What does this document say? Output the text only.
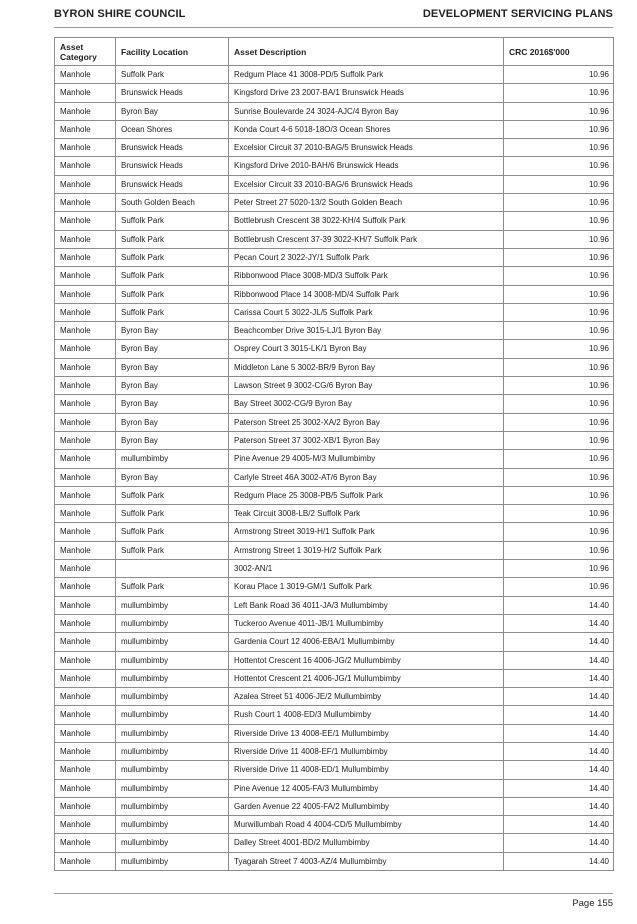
BYRON SHIRE COUNCIL	DEVELOPMENT SERVICING PLANS
Asset
Category	Facility Location	Asset Description	CRC 2016$'000
Manhole	Suffolk Park	Redgum Place 41 3008-PD/5 Suffolk Park	10.96
Manhole	Brunswick Heads	Kingsford Drive 23 2007-BA/1 Brunswick Heads	10.96
Manhole	Byron Bay	Sunrise Boulevarde 24 3024-AJC/4 Byron Bay	10.96
Manhole	Ocean Shores	Konda Court 4-6 5018-18O/3 Ocean Shores	10.96
Manhole	Brunswick Heads	Excelsior Circuit 37 2010-BAG/5 Brunswick Heads	10.96
Manhole	Brunswick Heads	Kingsford Drive 2010-BAH/6 Brunswick Heads	10.96
Manhole	Brunswick Heads	Excelsior Circuit 33 2010-BAG/6 Brunswick Heads	10.96
Manhole	South Golden Beach	Peter Street 27 5020-13/2 South Golden Beach	10.96
Manhole	Suffolk Park	Bottlebrush Crescent 38 3022-KH/4 Suffolk Park	10.96
Manhole	Suffolk Park	Bottlebrush Crescent 37-39 3022-KH/7 Suffolk Park	10.96
Manhole	Suffolk Park	Pecan Court 2 3022-JY/1 Suffolk Park	10.96
Manhole	Suffolk Park	Ribbonwood Place 3008-MD/3 Suffolk Park	10.96
Manhole	Suffolk Park	Ribbonwood Place 14 3008-MD/4 Suffolk Park	10.96
Manhole	Suffolk Park	Carissa Court 5 3022-JL/5 Suffolk Park	10.96
Manhole	Byron Bay	Beachcomber Drive 3015-LJ/1 Byron Bay	10.96
Manhole	Byron Bay	Osprey Court 3 3015-LK/1 Byron Bay	10.96
Manhole	Byron Bay	Middleton Lane 5 3002-BR/9 Byron Bay	10.96
Manhole	Byron Bay	Lawson Street 9 3002-CG/6 Byron Bay	10.96
Manhole	Byron Bay	Bay Street 3002-CG/9 Byron Bay	10.96
Manhole	Byron Bay	Paterson Street 25 3002-XA/2 Byron Bay	10.96
Manhole	Byron Bay	Paterson Street 37 3002-XB/1 Byron Bay	10.96
Manhole	mullumbimby	Pine Avenue 29 4005-M/3 Mullumbimby	10.96
Manhole	Byron Bay	Carlyle Street 46A 3002-AT/6 Byron Bay	10.96
Manhole	Suffolk Park	Redgum Place 25 3008-PB/5 Suffolk Park	10.96
Manhole	Suffolk Park	Teak Circuit 3008-LB/2 Suffolk Park	10.96
Manhole	Suffolk Park	Armstrong Street 3019-H/1 Suffolk Park	10.96
Manhole	Suffolk Park	Armstrong Street 1 3019-H/2 Suffolk Park	10.96
Manhole		3002-AN/1	10.96
Manhole	Suffolk Park	Korau Place 1 3019-GM/1 Suffolk Park	10.96
Manhole	mullumbimby	Left Bank Road 36 4011-JA/3 Mullumbimby	14.40
Manhole	mullumbimby	Tuckeroo Avenue 4011-JB/1 Mullumbimby	14.40
Manhole	mullumbimby	Gardenia Court 12 4006-EBA/1 Mullumbimby	14.40
Manhole	mullumbimby	Hottentot Crescent 16 4006-JG/2 Mullumbimby	14.40
Manhole	mullumbimby	Hottentot Crescent 21 4006-JG/1 Mullumbimby	14.40
Manhole	mullumbimby	Azalea Street 51 4006-JE/2 Mullumbimby	14.40
Manhole	mullumbimby	Rush Court 1 4008-ED/3 Mullumbimby	14.40
Manhole	mullumbimby	Riverside Drive 13 4008-EE/1 Mullumbimby	14.40
Manhole	mullumbimby	Riverside Drive 11 4008-EF/1 Mullumbimby	14.40
Manhole	mullumbimby	Riverside Drive 11 4008-ED/1 Mullumbimby	14.40
Manhole	mullumbimby	Pine Avenue 12 4005-FA/3 Mullumbimby	14.40
Manhole	mullumbimby	Garden Avenue 22 4005-FA/2 Mullumbimby	14.40
Manhole	mullumbimby	Murwillumbah Road 4 4004-CD/5 Mullumbimby	14.40
Manhole	mullumbimby	Dalley Street 4001-BD/2 Mullumbimby	14.40
Manhole	mullumbimby	Tyagarah Street 7 4003-AZ/4 Mullumbimby	14.40
Page 155
